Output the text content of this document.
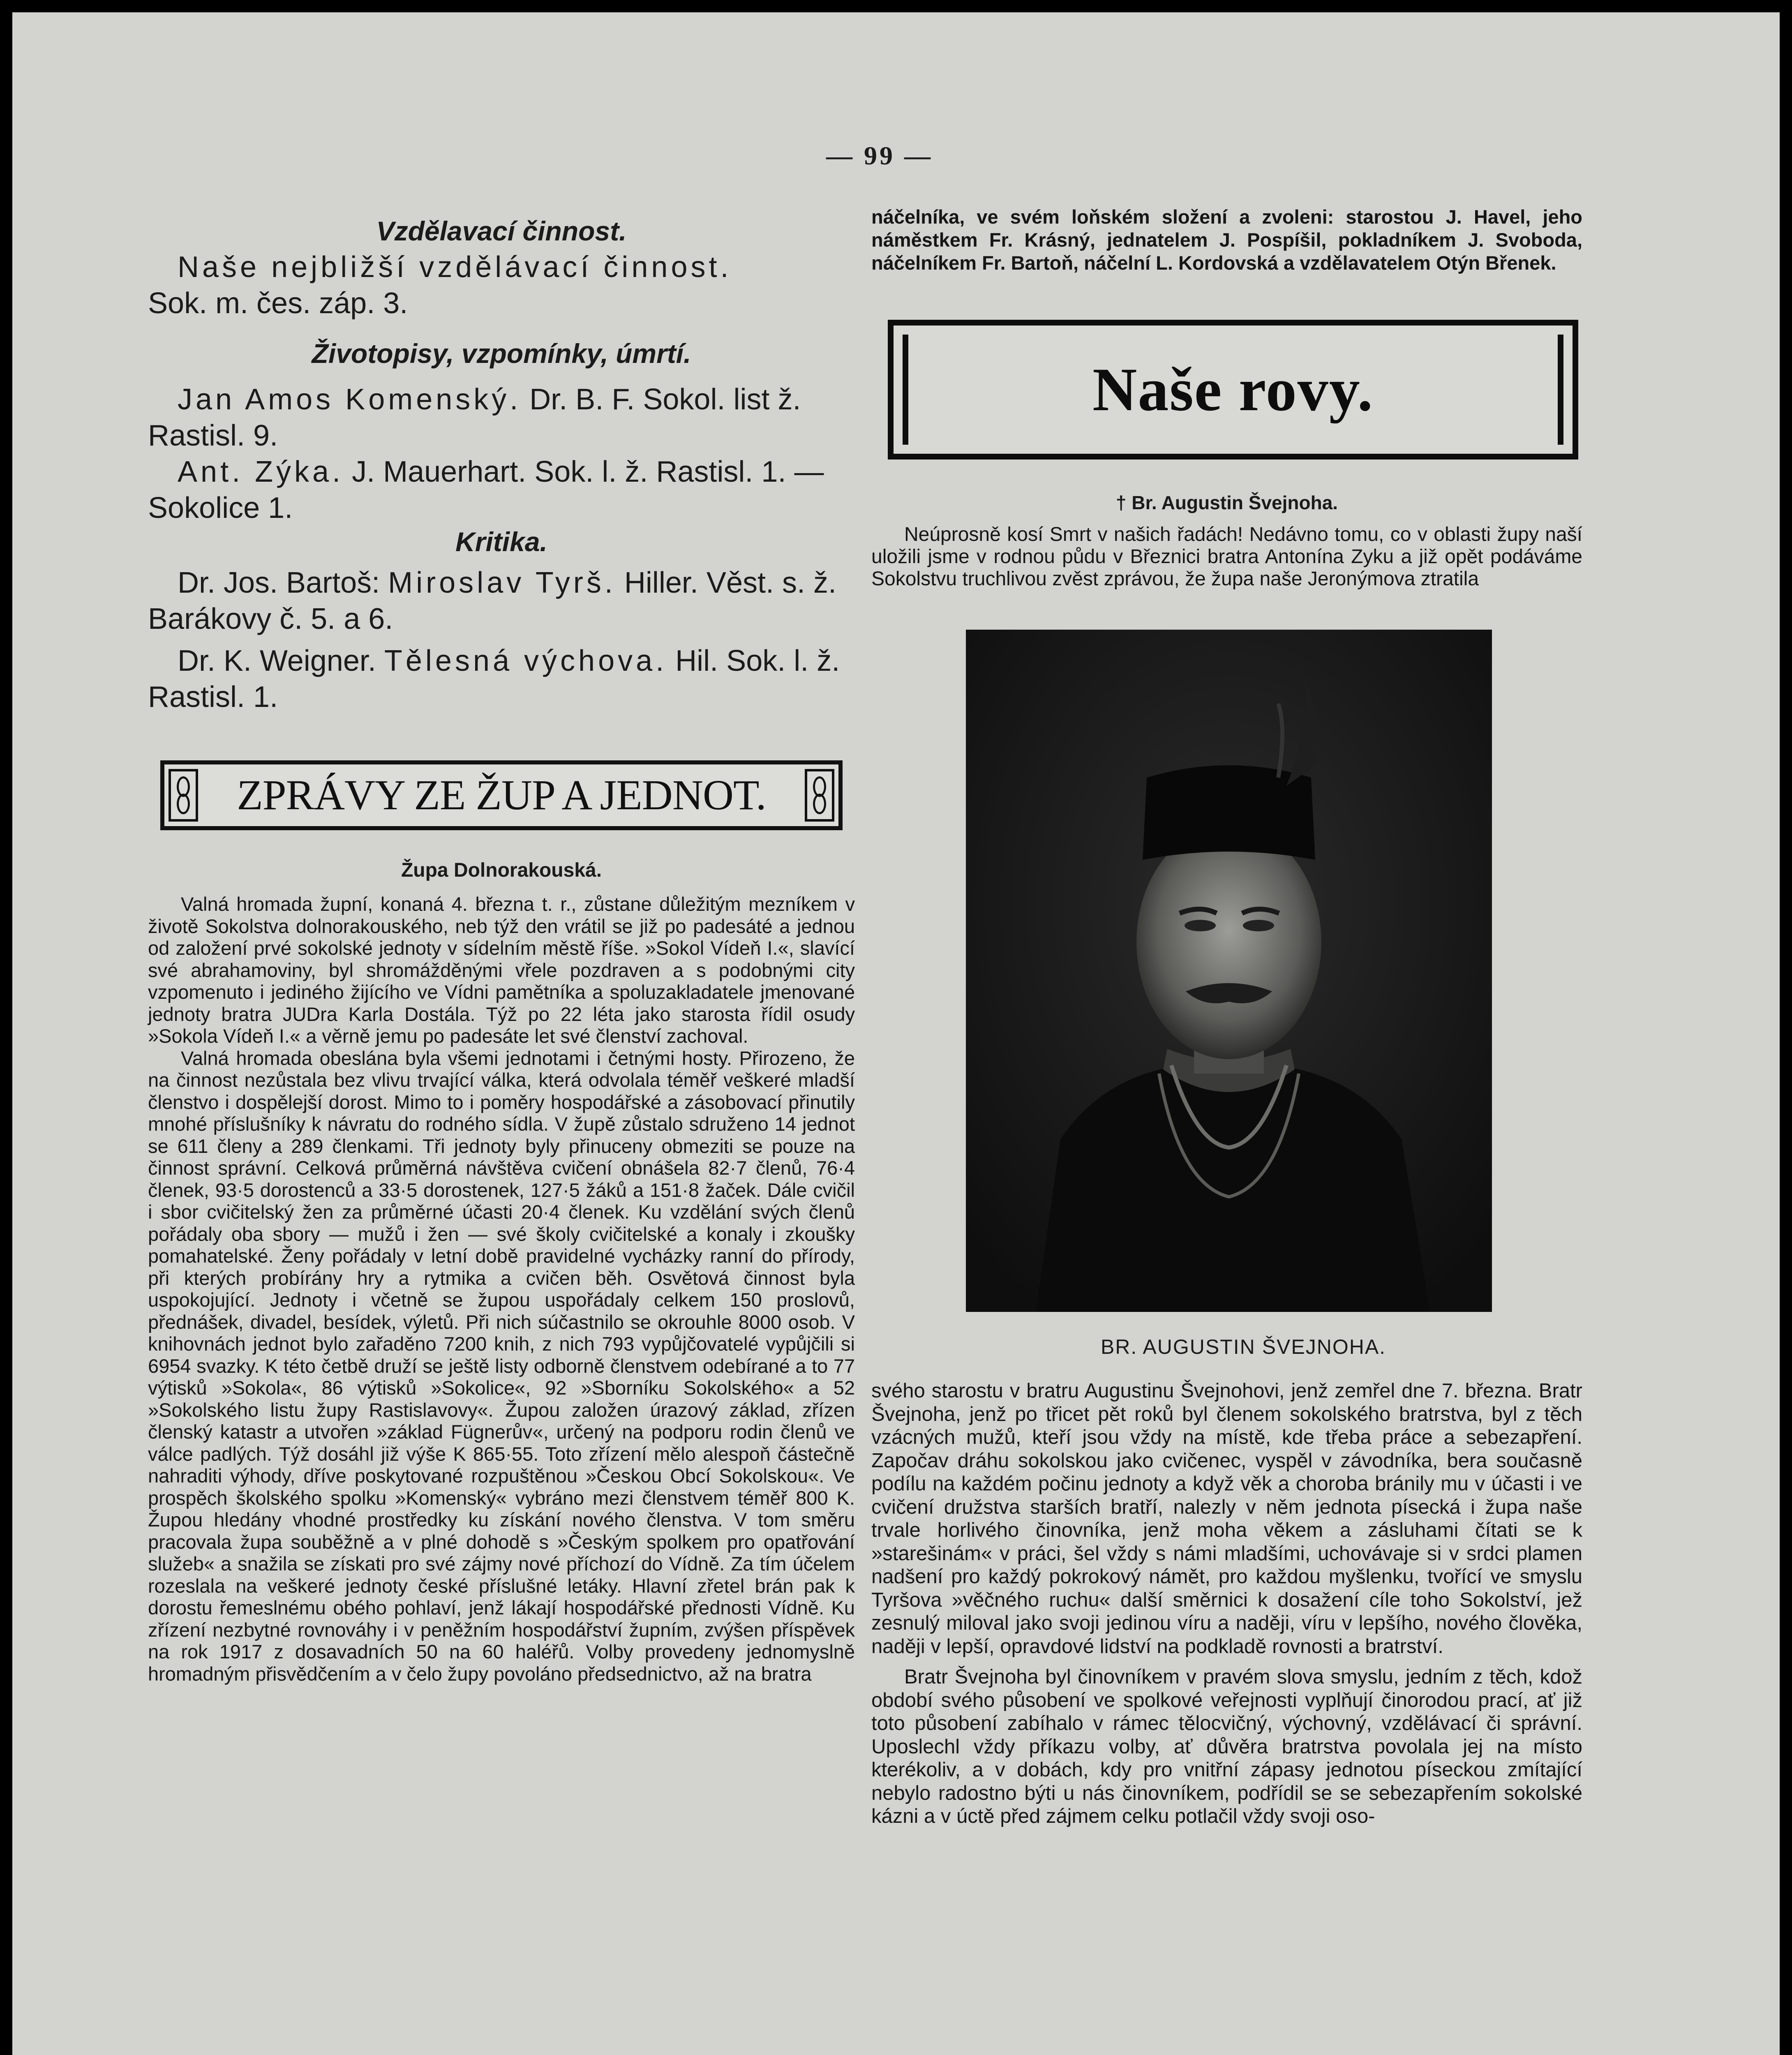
— 99 —
Vzdělavací činnost.

Naše nejbližší vzdělávací činnost.
Sok. m. čes. záp. 3.

Životopisy, vzpomínky, úmrtí.

Jan Amos Komenský. Dr. B. F. Sokol. list ž. Rastisl. 9.

Ant. Zýka. J. Mauerhart. Sok. l. ž. Rastisl. 1. — Sokolice 1.

Kritika.

Dr. Jos. Bartoš: Miroslav Tyrš. Hiller. Věst. s. ž. Barákovy č. 5. a 6.

Dr. K. Weigner. Tělesná výchova. Hil. Sok. l. ž. Rastisl. 1.

ZPRÁVY ZE ŽUP A JEDNOT.
Župa Dolnorakouská.

Valná hromada župní, konaná 4. března t. r., zůstane důležitým mezníkem v životě Sokolstva dolnorakouského, neb týž den vrátil se již po padesáté a jednou od založení prvé sokolské jednoty v sídelním městě říše. »Sokol Vídeň I.«, slavící své abrahamoviny, byl shromážděnými vřele pozdraven a s podobnými city vzpomenuto i jediného žijícího ve Vídni pamětníka a spoluzakladatele jmenované jednoty bratra JUDra Karla Dostála. Týž po 22 léta jako starosta řídil osudy »Sokola Vídeň I.« a věrně jemu po padesáte let své členství zachoval.

Valná hromada obeslána byla všemi jednotami i četnými hosty. Přirozeno, že na činnost nezůstala bez vlivu trvající válka, která odvolala téměř veškeré mladší členstvo i dospělejší dorost. Mimo to i poměry hospodářské a zásobovací přinutily mnohé příslušníky k návratu do rodného sídla. V župě zůstalo sdruženo 14 jednot se 611 členy a 289 členkami. Tři jednoty byly přinuceny obmeziti se pouze na činnost správní. Celková průměrná návštěva cvičení obnášela 82·7 členů, 76·4 členek, 93·5 dorostenců a 33·5 dorostenek, 127·5 žáků a 151·8 žaček. Dále cvičil i sbor cvičitelský žen za průměrné účasti 20·4 členek. Ku vzdělání svých členů pořádaly oba sbory — mužů i žen — své školy cvičitelské a konaly i zkoušky pomahatelské. Ženy pořádaly v letní době pravidelné vycházky ranní do přírody, při kterých probírány hry a rytmika a cvičen běh. Osvětová činnost byla uspokojující. Jednoty i včetně se župou uspořádaly celkem 150 proslovů, přednášek, divadel, besídek, výletů. Při nich súčastnilo se okrouhle 8000 osob. V knihovnách jednot bylo zařaděno 7200 knih, z nich 793 vypůjčovatelé vypůjčili si 6954 svazky. K této četbě druží se ještě listy odborně členstvem odebírané a to 77 výtisků »Sokola«, 86 výtisků »Sokolice«, 92 »Sborníku Sokolského« a 52 »Sokolského listu župy Rastislavovy«. Župou založen úrazový základ, zřízen členský katastr a utvořen »základ Fügnerův«, určený na podporu rodin členů ve válce padlých. Týž dosáhl již výše K 865·55. Toto zřízení mělo alespoň částečně nahraditi výhody, dříve poskytované rozpuštěnou »Českou Obcí Sokolskou«. Ve prospěch školského spolku »Komenský« vybráno mezi členstvem téměř 800 K. Župou hledány vhodné prostředky ku získání nového členstva. V tom směru pracovala župa souběžně a v plné dohodě s »Českým spolkem pro opatřování služeb« a snažila se získati pro své zájmy nové příchozí do Vídně. Za tím účelem rozeslala na veškeré jednoty české příslušné letáky. Hlavní zřetel brán pak k dorostu řemeslnému obého pohlaví, jenž lákají hospodářské přednosti Vídně. Ku zřízení nezbytné rovnováhy i v peněžním hospodářství župním, zvýšen příspěvek na rok 1917 z dosavadních 50 na 60 haléřů. Volby provedeny jednomyslně hromadným přisvědčením a v čelo župy povoláno předsednictvo, až na bratra

náčelníka, ve svém loňském složení a zvoleni: starostou J. Havel, jeho náměstkem Fr. Krásný, jednatelem J. Pospíšil, pokladníkem J. Svoboda, náčelníkem Fr. Bartoň, náčelní L. Kordovská a vzdělavatelem Otýn Břenek.

Naše rovy.
† Br. Augustin Švejnoha.

Neúprosně kosí Smrt v našich řadách! Nedávno tomu, co v oblasti župy naší uložili jsme v rodnou půdu v Březnici bratra Antonína Zyku a již opět podáváme Sokolstvu truchlivou zvěst zprávou, že župa naše Jeronýmova ztratila

BR. AUGUSTIN ŠVEJNOHA.

svého starostu v bratru Augustinu Švejnohovi, jenž zemřel dne 7. března. Bratr Švejnoha, jenž po třicet pět roků byl členem sokolského bratrstva, byl z těch vzácných mužů, kteří jsou vždy na místě, kde třeba práce a sebezapření. Započav dráhu sokolskou jako cvičenec, vyspěl v závodníka, bera současně podílu na každém počinu jednoty a když věk a choroba bránily mu v účasti i ve cvičení družstva starších bratří, nalezly v něm jednota písecká i župa naše trvale horlivého činovníka, jenž moha věkem a zásluhami čítati se k »starešinám« v práci, šel vždy s námi mladšími, uchovávaje si v srdci plamen nadšení pro každý pokrokový námět, pro každou myšlenku, tvořící ve smyslu Tyršova »věčného ruchu« další směrnici k dosažení cíle toho Sokolství, jež zesnulý miloval jako svoji jedinou víru a naději, víru v lepšího, nového člověka, naději v lepší, opravdové lidství na podkladě rovnosti a bratrství.

Bratr Švejnoha byl činovníkem v pravém slova smyslu, jedním z těch, kdož období svého působení ve spolkové veřejnosti vyplňují činorodou prací, ať již toto působení zabíhalo v rámec tělocvičný, výchovný, vzdělávací či správní. Uposlechl vždy příkazu volby, ať důvěra bratrstva povolala jej na místo kterékoliv, a v dobách, kdy pro vnitřní zápasy jednotou píseckou zmítající nebylo radostno býti u nás činovníkem, podřídil se se sebezapřením sokolské kázni a v úctě před zájmem celku potlačil vždy svoji oso-
